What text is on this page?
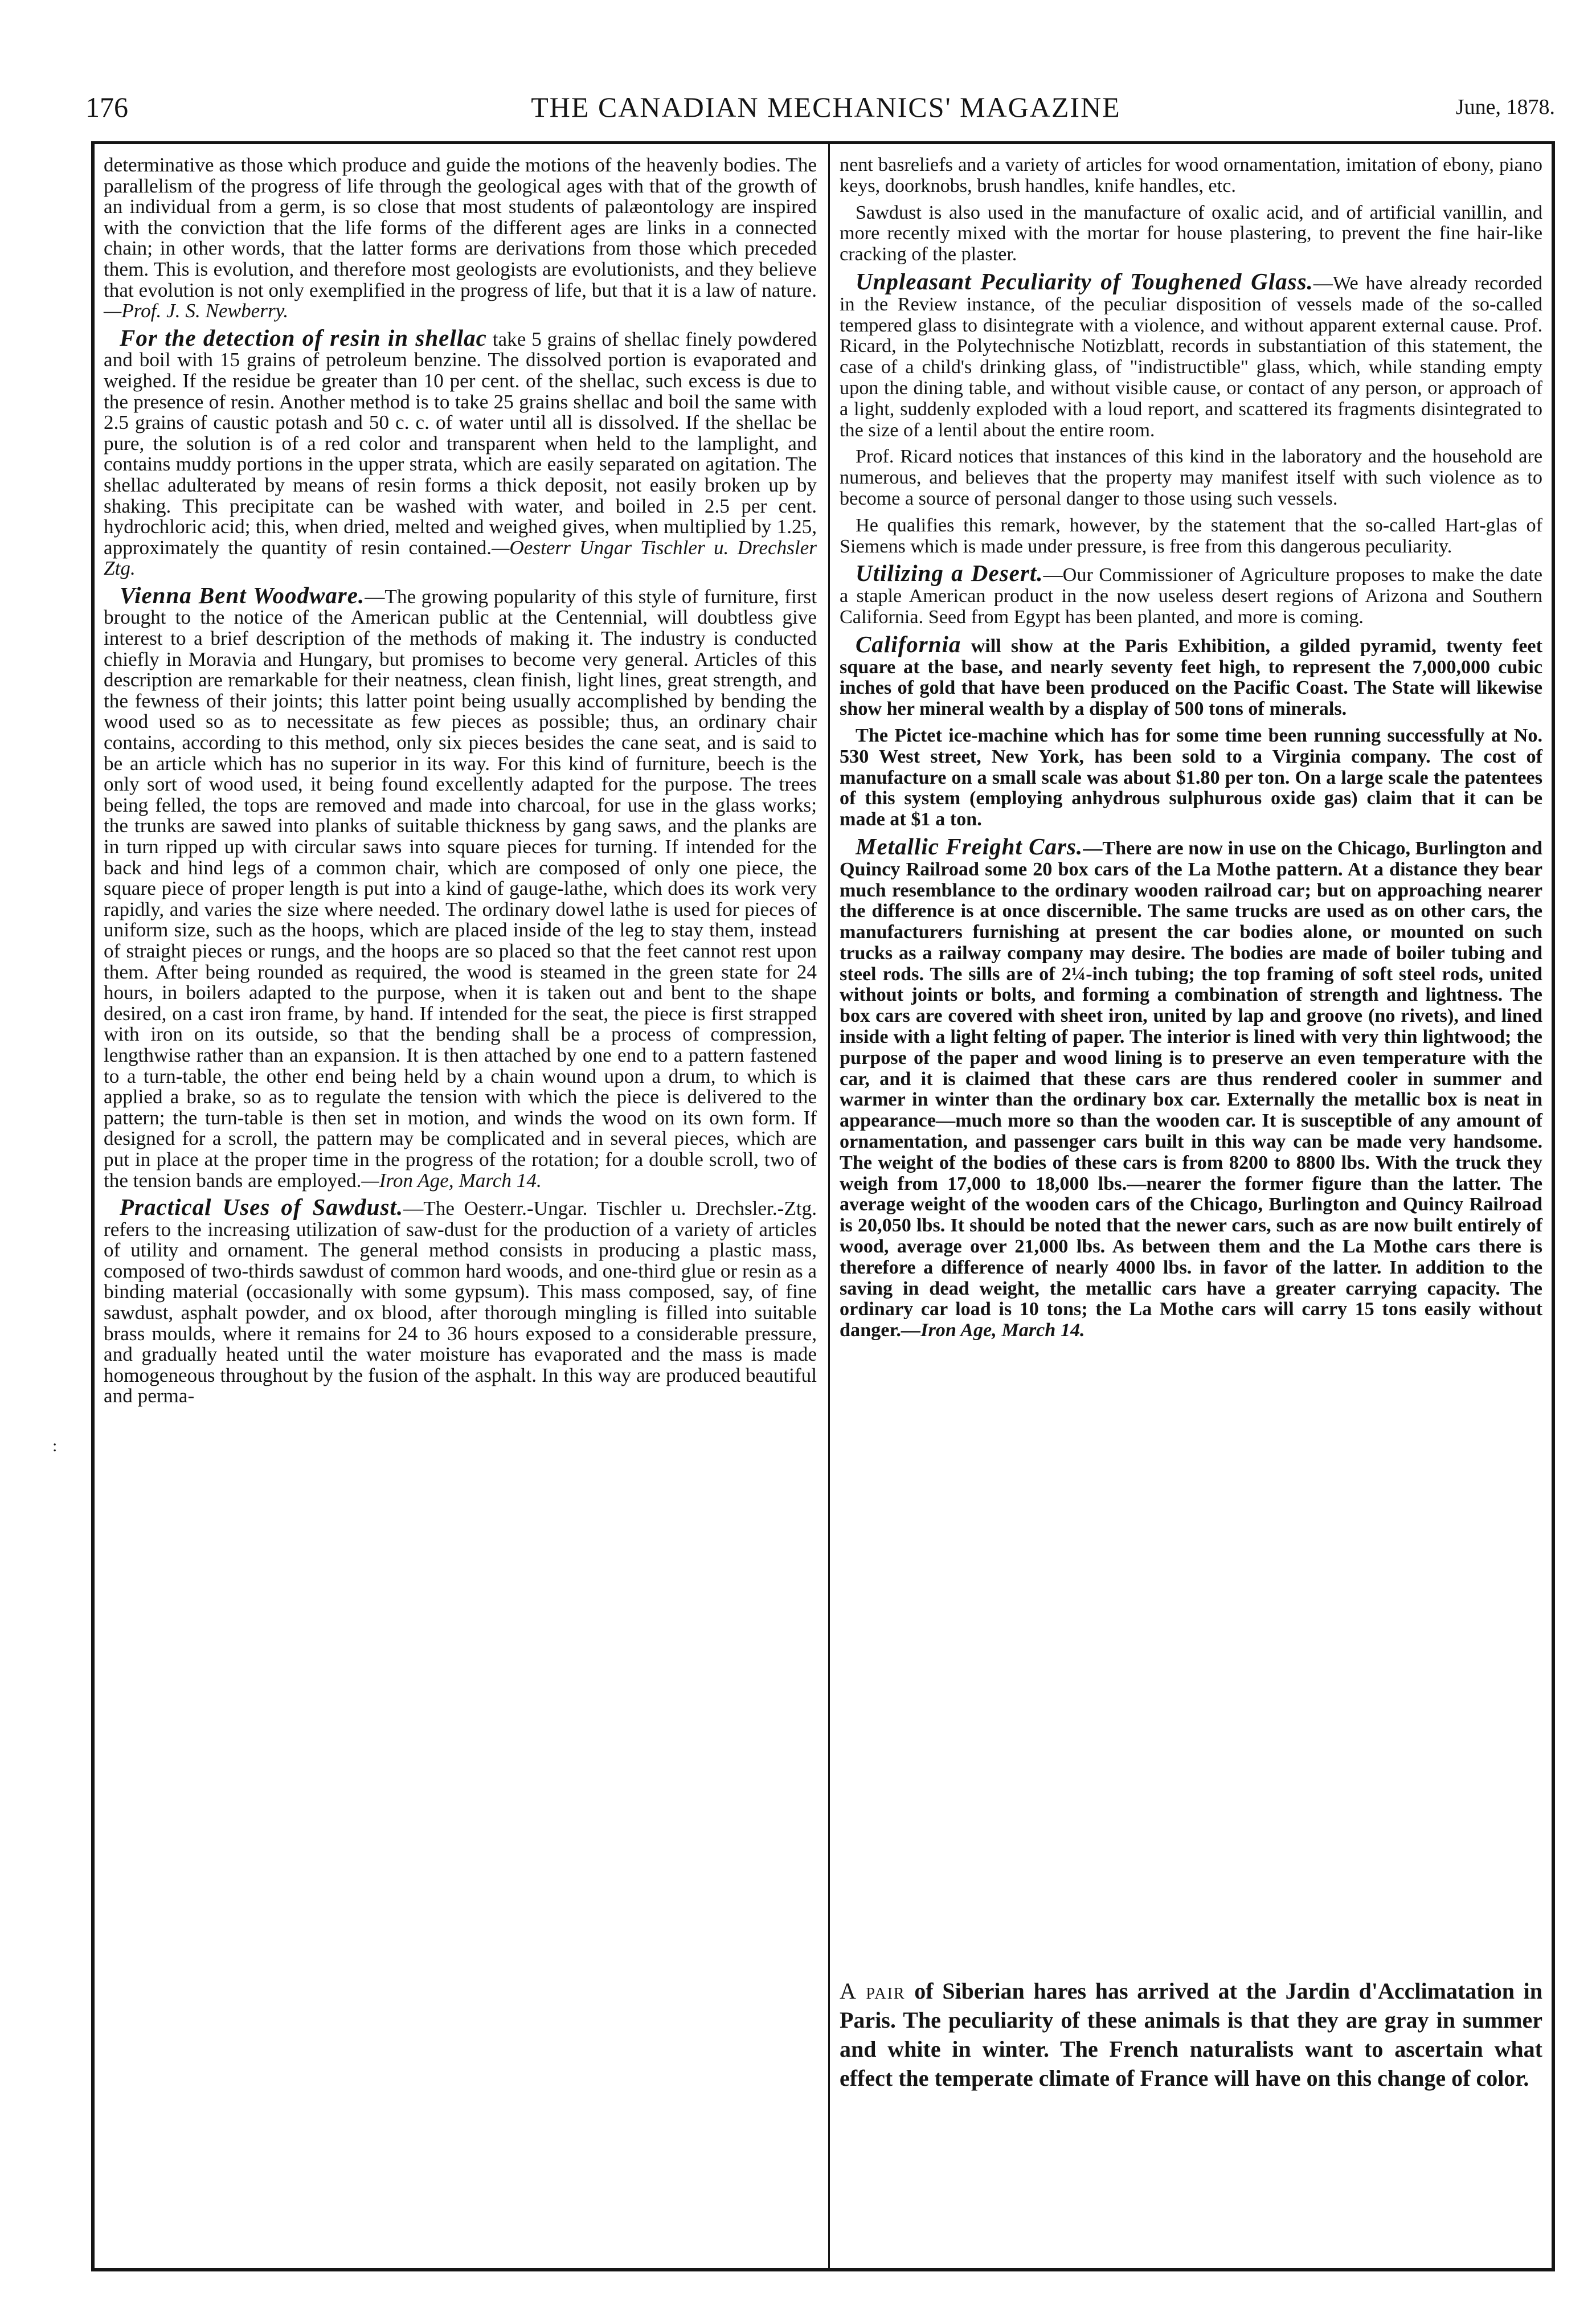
176	THE CANADIAN MECHANICS' MAGAZINE	June, 1878.
:

determinative as those which produce and guide the motions of the heavenly bodies. The parallelism of the progress of life through the geological ages with that of the growth of an individual from a germ, is so close that most students of palæontology are inspired with the conviction that the life forms of the different ages are links in a connected chain; in other words, that the latter forms are derivations from those which preceded them. This is evolution, and therefore most geologists are evolutionists, and they believe that evolution is not only exemplified in the progress of life, but that it is a law of nature.—Prof. J. S. Newberry.

For the detection of resin in shellac take 5 grains of shellac finely powdered and boil with 15 grains of petroleum benzine. The dissolved portion is evaporated and weighed. If the residue be greater than 10 per cent. of the shellac, such excess is due to the presence of resin. Another method is to take 25 grains shellac and boil the same with 2.5 grains of caustic potash and 50 c. c. of water until all is dissolved. If the shellac be pure, the solution is of a red color and transparent when held to the lamplight, and contains muddy portions in the upper strata, which are easily separated on agitation. The shellac adulterated by means of resin forms a thick deposit, not easily broken up by shaking. This precipitate can be washed with water, and boiled in 2.5 per cent. hydrochloric acid; this, when dried, melted and weighed gives, when multiplied by 1.25, approximately the quantity of resin contained.—Oesterr Ungar Tischler u. Drechsler Ztg.

Vienna Bent Woodware.—The growing popularity of this style of furniture, first brought to the notice of the American public at the Centennial, will doubtless give interest to a brief description of the methods of making it. The industry is conducted chiefly in Moravia and Hungary, but promises to become very general. Articles of this description are remarkable for their neatness, clean finish, light lines, great strength, and the fewness of their joints; this latter point being usually accomplished by bending the wood used so as to necessitate as few pieces as possible; thus, an ordinary chair contains, according to this method, only six pieces besides the cane seat, and is said to be an article which has no superior in its way. For this kind of furniture, beech is the only sort of wood used, it being found excellently adapted for the purpose. The trees being felled, the tops are removed and made into charcoal, for use in the glass works; the trunks are sawed into planks of suitable thickness by gang saws, and the planks are in turn ripped up with circular saws into square pieces for turning. If intended for the back and hind legs of a common chair, which are composed of only one piece, the square piece of proper length is put into a kind of gauge-lathe, which does its work very rapidly, and varies the size where needed. The ordinary dowel lathe is used for pieces of uniform size, such as the hoops, which are placed inside of the leg to stay them, instead of straight pieces or rungs, and the hoops are so placed so that the feet cannot rest upon them. After being rounded as required, the wood is steamed in the green state for 24 hours, in boilers adapted to the purpose, when it is taken out and bent to the shape desired, on a cast iron frame, by hand. If intended for the seat, the piece is first strapped with iron on its outside, so that the bending shall be a process of compression, lengthwise rather than an expansion. It is then attached by one end to a pattern fastened to a turn-table, the other end being held by a chain wound upon a drum, to which is applied a brake, so as to regulate the tension with which the piece is delivered to the pattern; the turn-table is then set in motion, and winds the wood on its own form. If designed for a scroll, the pattern may be complicated and in several pieces, which are put in place at the proper time in the progress of the rotation; for a double scroll, two of the tension bands are employed.—Iron Age, March 14.

Practical Uses of Sawdust.—The Oesterr.-Ungar. Tischler u. Drechsler.-Ztg. refers to the increasing utilization of saw-dust for the production of a variety of articles of utility and ornament. The general method consists in producing a plastic mass, composed of two-thirds sawdust of common hard woods, and one-third glue or resin as a binding material (occasionally with some gypsum). This mass composed, say, of fine sawdust, asphalt powder, and ox blood, after thorough mingling is filled into suitable brass moulds, where it remains for 24 to 36 hours exposed to a considerable pressure, and gradually heated until the water moisture has evaporated and the mass is made homogeneous throughout by the fusion of the asphalt. In this way are produced beautiful and perma-

nent basreliefs and a variety of articles for wood ornamentation, imitation of ebony, piano keys, doorknobs, brush handles, knife handles, etc.

Sawdust is also used in the manufacture of oxalic acid, and of artificial vanillin, and more recently mixed with the mortar for house plastering, to prevent the fine hair-like cracking of the plaster.

Unpleasant Peculiarity of Toughened Glass.—We have already recorded in the Review instance, of the peculiar disposition of vessels made of the so-called tempered glass to disintegrate with a violence, and without apparent external cause. Prof. Ricard, in the Polytechnische Notizblatt, records in substantiation of this statement, the case of a child's drinking glass, of "indistructible" glass, which, while standing empty upon the dining table, and without visible cause, or contact of any person, or approach of a light, suddenly exploded with a loud report, and scattered its fragments disintegrated to the size of a lentil about the entire room.

Prof. Ricard notices that instances of this kind in the laboratory and the household are numerous, and believes that the property may manifest itself with such violence as to become a source of personal danger to those using such vessels.

He qualifies this remark, however, by the statement that the so-called Hart-glas of Siemens which is made under pressure, is free from this dangerous peculiarity.

Utilizing a Desert.—Our Commissioner of Agriculture proposes to make the date a staple American product in the now useless desert regions of Arizona and Southern California. Seed from Egypt has been planted, and more is coming.

California will show at the Paris Exhibition, a gilded pyramid, twenty feet square at the base, and nearly seventy feet high, to represent the 7,000,000 cubic inches of gold that have been produced on the Pacific Coast. The State will likewise show her mineral wealth by a display of 500 tons of minerals.

The Pictet ice-machine which has for some time been running successfully at No. 530 West street, New York, has been sold to a Virginia company. The cost of manufacture on a small scale was about $1.80 per ton. On a large scale the patentees of this system (employing anhydrous sulphurous oxide gas) claim that it can be made at $1 a ton.

Metallic Freight Cars.—There are now in use on the Chicago, Burlington and Quincy Railroad some 20 box cars of the La Mothe pattern. At a distance they bear much resemblance to the ordinary wooden railroad car; but on approaching nearer the difference is at once discernible. The same trucks are used as on other cars, the manufacturers furnishing at present the car bodies alone, or mounted on such trucks as a railway company may desire. The bodies are made of boiler tubing and steel rods. The sills are of 2¼-inch tubing; the top framing of soft steel rods, united without joints or bolts, and forming a combination of strength and lightness. The box cars are covered with sheet iron, united by lap and groove (no rivets), and lined inside with a light felting of paper. The interior is lined with very thin lightwood; the purpose of the paper and wood lining is to preserve an even temperature with the car, and it is claimed that these cars are thus rendered cooler in summer and warmer in winter than the ordinary box car. Externally the metallic box is neat in appearance—much more so than the wooden car. It is susceptible of any amount of ornamentation, and passenger cars built in this way can be made very handsome. The weight of the bodies of these cars is from 8200 to 8800 lbs. With the truck they weigh from 17,000 to 18,000 lbs.—nearer the former figure than the latter. The average weight of the wooden cars of the Chicago, Burlington and Quincy Railroad is 20,050 lbs. It should be noted that the newer cars, such as are now built entirely of wood, average over 21,000 lbs. As between them and the La Mothe cars there is therefore a difference of nearly 4000 lbs. in favor of the latter. In addition to the saving in dead weight, the metallic cars have a greater carrying capacity. The ordinary car load is 10 tons; the La Mothe cars will carry 15 tons easily without danger.—Iron Age, March 14.

A pair of Siberian hares has arrived at the Jardin d'Acclimatation in Paris. The peculiarity of these animals is that they are gray in summer and white in winter. The French naturalists want to ascertain what effect the temperate climate of France will have on this change of color.
